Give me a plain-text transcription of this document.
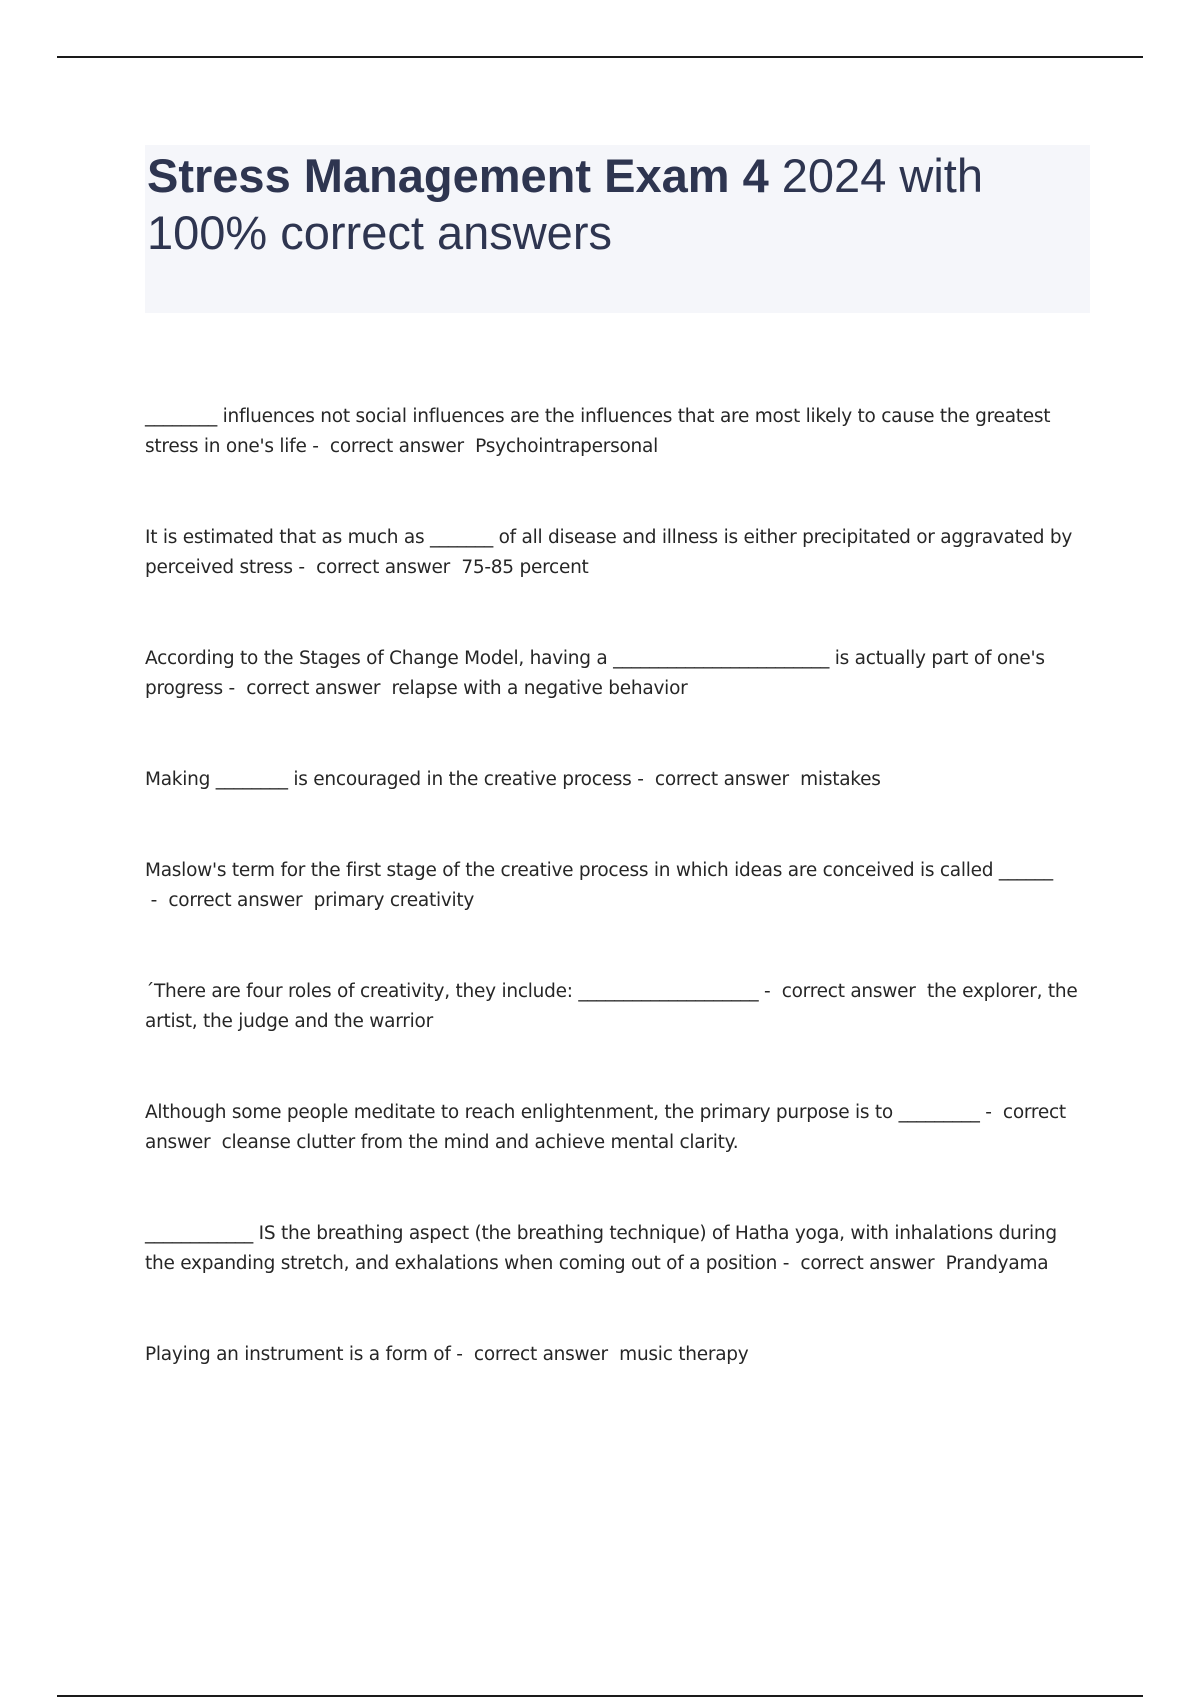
Stress Management Exam 4 2024 with 100% correct answers
________ influences not social influences are the influences that are most likely to cause the greatest stress in one's life -  correct answer Psychointrapersonal
It is estimated that as much as _______ of all disease and illness is either precipitated or aggravated by perceived stress -  correct answer 75-85 percent
According to the Stages of Change Model, having a ________________________ is actually part of one's progress -  correct answer relapse with a negative behavior
Making ________ is encouraged in the creative process -  correct answer mistakes
Maslow's term for the first stage of the creative process in which ideas are conceived is called ______ -  correct answer primary creativity
´There are four roles of creativity, they include: ____________________ -  correct answer the explorer, the artist, the judge and the warrior
Although some people meditate to reach enlightenment, the primary purpose is to _________ -  correct answer cleanse clutter from the mind and achieve mental clarity.
____________ IS the breathing aspect (the breathing technique) of Hatha yoga, with inhalations during the expanding stretch, and exhalations when coming out of a position -  correct answer Prandyama
Playing an instrument is a form of -  correct answer music therapy
